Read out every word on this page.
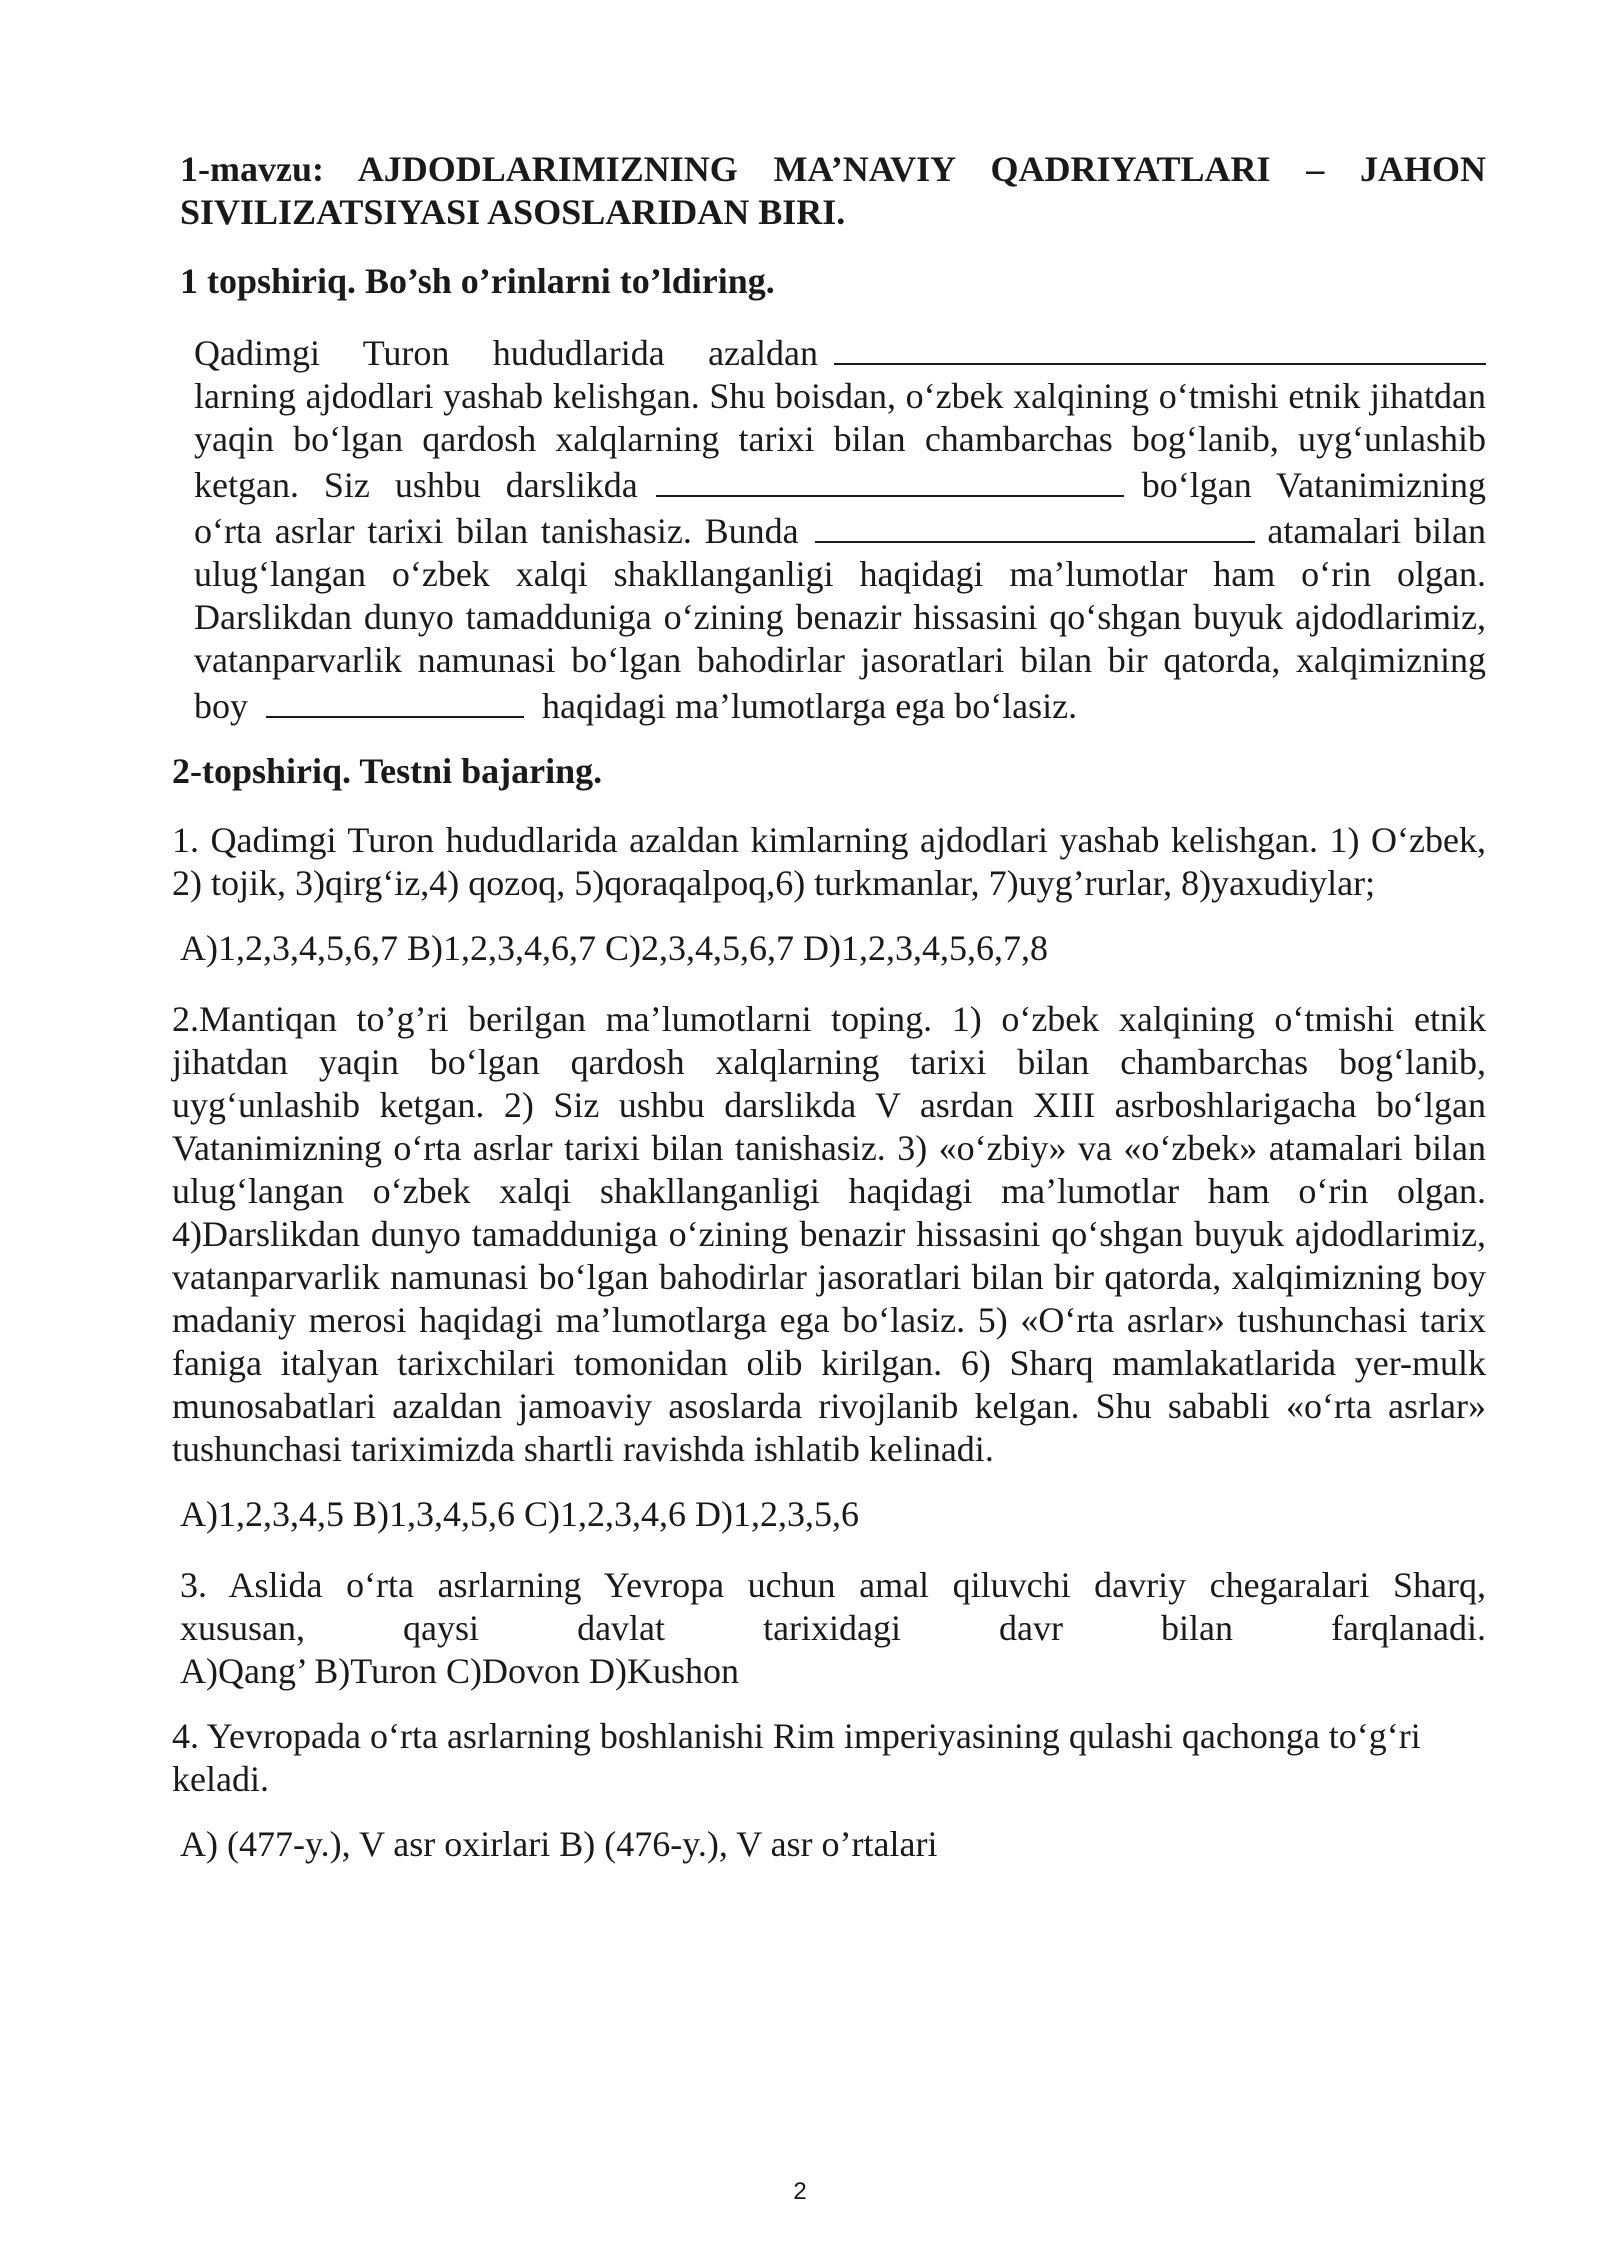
1-mavzu: AJDODLARIMIZNING MA’NAVIY QADRIYATLARI – JAHON SIVILIZATSIYASI ASOSLARIDAN BIRI.
1 topshiriq. Bo’sh o’rinlarni to’ldiring.

Qadimgi Turon hududlarida azaldan larning ajdodlari yashab kelishgan. Shu boisdan, o‘zbek xalqining o‘tmishi etnik jihatdan yaqin bo‘lgan qardosh xalqlarning tarixi bilan chambarchas bog‘lanib, uyg‘unlashib ketgan. Siz ushbu darslikda	bo‘lgan Vatanimizning o‘rta asrlar tarixi bilan tanishasiz. Bunda	atamalari bilan ulug‘langan o‘zbek xalqi shakllanganligi haqidagi ma’lumotlar ham o‘rin olgan. Darslikdan dunyo tamadduniga o‘zining benazir hissasini qo‘shgan buyuk ajdodlarimiz, vatanparvarlik namunasi bo‘lgan bahodirlar jasoratlari bilan bir qatorda, xalqimizning boy	haqidagi ma’lumotlarga ega bo‘lasiz.

2-topshiriq. Testni bajaring.

1. Qadimgi Turon hududlarida azaldan kimlarning ajdodlari yashab kelishgan. 1) O‘zbek, 2) tojik, 3)qirg‘iz,4) qozoq, 5)qoraqalpoq,6) turkmanlar, 7)uyg’rurlar, 8)yaxudiylar;

A)1,2,3,4,5,6,7 B)1,2,3,4,6,7 C)2,3,4,5,6,7 D)1,2,3,4,5,6,7,8

2.Mantiqan to’g’ri berilgan ma’lumotlarni toping. 1) o‘zbek xalqining o‘tmishi etnik jihatdan yaqin bo‘lgan qardosh xalqlarning tarixi bilan chambarchas bog‘lanib, uyg‘unlashib ketgan. 2) Siz ushbu darslikda V asrdan XIII asrboshlarigacha bo‘lgan Vatanimizning o‘rta asrlar tarixi bilan tanishasiz. 3) «o‘zbiy» va «o‘zbek» atamalari bilan ulug‘langan o‘zbek xalqi shakllanganligi haqidagi ma’lumotlar ham o‘rin olgan. 4)Darslikdan dunyo tamadduniga o‘zining benazir hissasini qo‘shgan buyuk ajdodlarimiz, vatanparvarlik namunasi bo‘lgan bahodirlar jasoratlari bilan bir qatorda, xalqimizning boy madaniy merosi haqidagi ma’lumotlarga ega bo‘lasiz. 5) «O‘rta asrlar» tushunchasi tarix faniga italyan tarixchilari tomonidan olib kirilgan. 6) Sharq mamlakatlarida yer-mulk munosabatlari azaldan jamoaviy asoslarda rivojlanib kelgan. Shu sababli «o‘rta asrlar» tushunchasi tariximizda shartli ravishda ishlatib kelinadi.

A)1,2,3,4,5 B)1,3,4,5,6 C)1,2,3,4,6 D)1,2,3,5,6

3. Aslida o‘rta asrlarning Yevropa uchun amal qiluvchi davriy chegaralari Sharq,
xususan,	qaysi	davlat	tarixidagi	davr	bilan	farqlanadi.
A)Qang’ B)Turon C)Dovon D)Kushon

4. Yevropada o‘rta asrlarning boshlanishi Rim imperiyasining qulashi qachonga to‘g‘ri keladi.

A) (477-y.), V asr oxirlari B) (476-y.), V asr o’rtalari

2
